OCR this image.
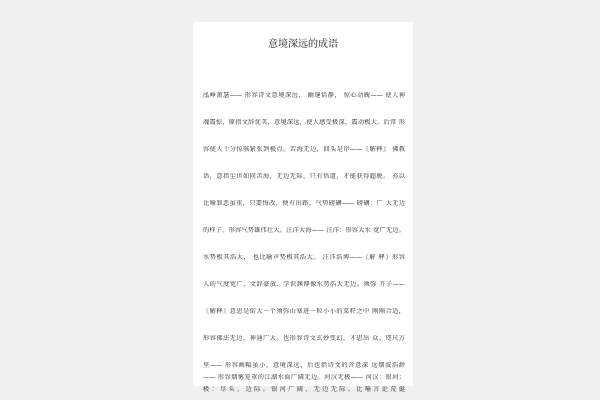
意境深远的成语
泓峥萧瑟—— 形容诗文意境深远、 幽邃恬静， 惊心动魄—— 使人神
魂震惊，原指文辞优美，意境深远，使人感受极深，震动极大。后常 形
容使人十分惊骇紧张到极点。苦海无边，回头是岸——〖解释〗 佛教
语，意指尘世如同苦海，无边无际，只有悟道，才能获得超脱。 亦以
比喻罪恶虽重，只要悔改，便有出路。气势磅礴—— 磅礴：广 大无边
的样子。形容气势雄伟壮大。汪洋大海—— 汪洋：形容大水 宽广无边。
水势极其浩大， 也比喻声势极其浩大。 汪洋浩博——〖解 释〗形容
人的气度宽广、文辞豪放、学识渊博像水势浩大无边。须弥 芥子——
〖解释〗意思是偌大一个须弥山塞进一粒小小的菜籽之中 刚刚合适，
形容佛法无边，神通广大。也形容诗文玄妙变幻，才思出 众。咫尺万
里—— 形容画幅虽小，意境深远，后也指诗文的含意深 远烟波浩渺
—— 形容烟雾笼罩的江湖水面广阔无边。河汉无极—— 河汉：银河；
极：尽头，边际。银河广阔，无边无际。比喻言论荒诞
